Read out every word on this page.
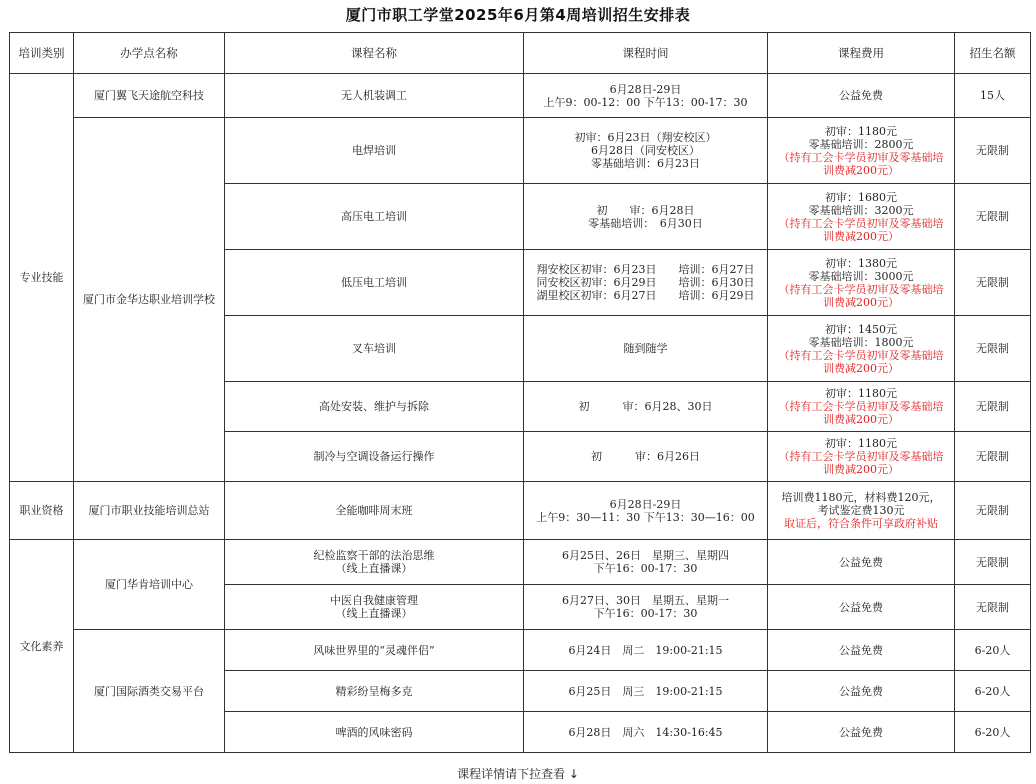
厦门市职工学堂2025年6月第4周培训招生安排表
培训类别	办学点名称	课程名称	课程时间	课程费用	招生名额
专业技能	厦门翼飞天途航空科技	无人机装调工	6月28日-29日
上午9：00-12：00 下午13：00-17：30	公益免费	15人
	厦门市金华达职业培训学校	电焊培训	初审：6月23日（翔安校区）
6月28日（同安校区）
零基础培训：6月23日	初审：1180元
零基础培训：2800元
（持有工会卡学员初审及零基础培
训费减200元）	无限制

		高压电工培训	初　　审：6月28日
零基础培训：　6月30日	初审：1680元
零基础培训：3200元
（持有工会卡学员初审及零基础培
训费减200元）	无限制

		低压电工培训	翔安校区初审：6月23日　　培训：6月27日
同安校区初审：6月29日　　培训：6月30日
湖里校区初审：6月27日　　培训：6月29日	初审：1380元
零基础培训：3000元
（持有工会卡学员初审及零基础培
训费减200元）	无限制

		叉车培训	随到随学	初审：1450元
零基础培训：1800元
（持有工会卡学员初审及零基础培
训费减200元）	无限制

		高处安装、维护与拆除	初　　　审：6月28、30日	初审：1180元
（持有工会卡学员初审及零基础培
训费减200元）	无限制

		制冷与空调设备运行操作	初　　　审：6月26日	初审：1180元
（持有工会卡学员初审及零基础培
训费减200元）	无限制
职业资格	厦门市职业技能培训总站	全能咖啡周末班	6月28日-29日
上午9：30—11：30 下午13：30—16：00	培训费1180元，材料费120元，
考试鉴定费130元
取证后，符合条件可享政府补贴	无限制
文化素养	厦门华肯培训中心	纪检监察干部的法治思维
（线上直播课）	6月25日、26日　星期三、星期四
下午16：00-17：30	公益免费	无限制

		中医自我健康管理
（线上直播课）	6月27日、30日　星期五、星期一
下午16：00-17：30	公益免费	无限制
	厦门国际酒类交易平台	风味世界里的“灵魂伴侣”	6月24日　周二　19:00-21:15	公益免费	6-20人

		精彩纷呈梅多克	6月25日　周三　19:00-21:15	公益免费	6-20人

		啤酒的风味密码	6月28日　周六　14:30-16:45	公益免费	6-20人
课程详情请下拉查看 ↓
